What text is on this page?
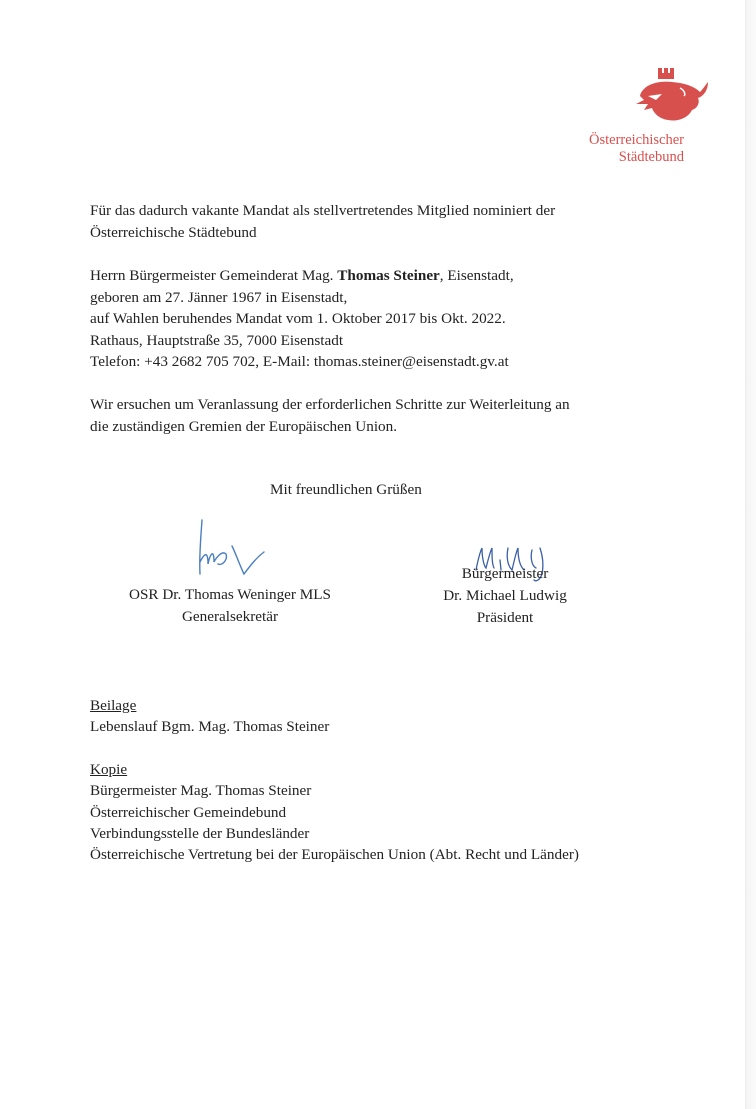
Österreichischer
Städtebund
Für das dadurch vakante Mandat als stellvertretendes Mitglied nominiert der
Österreichische Städtebund
Herrn Bürgermeister Gemeinderat Mag. Thomas Steiner, Eisenstadt,
geboren am 27. Jänner 1967 in Eisenstadt,
auf Wahlen beruhendes Mandat vom 1. Oktober 2017 bis Okt. 2022.
Rathaus, Hauptstraße 35, 7000 Eisenstadt
Telefon: +43 2682 705 702, E-Mail: thomas.steiner@eisenstadt.gv.at
Wir ersuchen um Veranlassung der erforderlichen Schritte zur Weiterleitung an
die zuständigen Gremien der Europäischen Union.
Mit freundlichen Grüßen
OSR Dr. Thomas Weninger MLS
Generalsekretär
Bürgermeister
Dr. Michael Ludwig
Präsident
Beilage
Lebenslauf Bgm. Mag. Thomas Steiner
Kopie
Bürgermeister Mag. Thomas Steiner
Österreichischer Gemeindebund
Verbindungsstelle der Bundesländer
Österreichische Vertretung bei der Europäischen Union (Abt. Recht und Länder)
